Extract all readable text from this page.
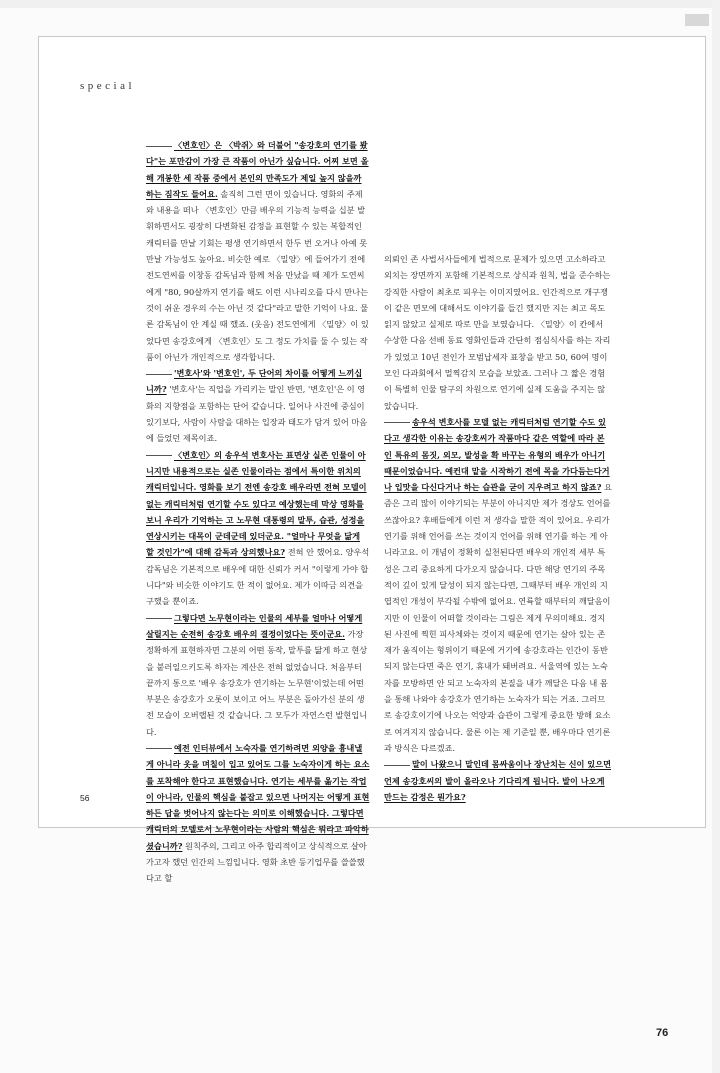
special

〈변호인〉은 〈박쥐〉와 더불어 "송강호의 연기를 봤다"는 포만감이 가장 큰 작품이 아닌가 싶습니다. 어찌 보면 올해 개봉한 세 작품 중에서 본인의 만족도가 제일 높지 않을까 하는 짐작도 들어요. 솔직히 그런 면이 있습니다. 영화의 주제와 내용을 떠나 〈변호인〉만큼 배우의 기능적 능력을 십분 발휘하면서도 굉장히 다변화된 감정을 표현할 수 있는 복합적인 캐릭터를 만날 기회는 평생 연기하면서 한두 번 오거나 아예 못 만날 가능성도 높아요. 비슷한 예로 〈밀양〉에 들어가기 전에 전도연씨를 이창동 감독님과 함께 처음 만났을 때 제가 도연씨에게 "80, 90살까지 연기를 해도 이런 시나리오를 다시 만나는 것이 쉬운 경우의 수는 아닌 것 같다"라고 말한 기억이 나요. 물론 감독님이 안 계실 때 했죠. (웃음) 전도연에게 〈밀양〉이 있었다면 송강호에게 〈변호인〉도 그 정도 가치를 둘 수 있는 작품이 아닌가 개인적으로 생각합니다.

'변호사'와 '변호인', 두 단어의 차이를 어떻게 느끼십니까? '변호사'는 직업을 가리키는 말인 반면, '변호인'은 이 영화의 지향점을 포함하는 단어 같습니다. 일어나 사건에 중심이 있기보다, 사람이 사람을 대하는 입장과 태도가 담겨 있어 마음에 들었던 제목이죠.

〈변호인〉의 송우석 변호사는 표면상 실존 인물이 아니지만 내용적으로는 실존 인물이라는 점에서 특이한 위치의 캐릭터입니다. 영화를 보기 전엔 송강호 배우라면 전혀 모델이 없는 캐릭터처럼 연기할 수도 있다고 예상했는데 막상 영화를 보니 우리가 기억하는 고 노무현 대통령의 말투, 습관, 성정을 연상시키는 대목이 군데군데 있더군요. "얼마나 무엇을 닮게 할 것인가"에 대해 감독과 상의했나요? 전혀 안 했어요. 양우석 감독님은 기본적으로 배우에 대한 신뢰가 커서 "이렇게 가야 합니다"와 비슷한 이야기도 한 적이 없어요. 제가 이따금 의견을 구했을 뿐이죠.

그렇다면 노무현이라는 인물의 세부를 얼마나 어떻게 살릴지는 순전히 송강호 배우의 결정이었다는 뜻이군요. 가장 정확하게 표현하자면 그분의 어떤 동작, 말투를 닮게 하고 현상을 붙러일으키도록 하자는 계산은 전혀 없었습니다. 처음부터 끝까지 통으로 '배우 송강호가 연기하는 노무현'이었는데 어떤 부분은 송강호가 오롯이 보이고 어느 부분은 돌아가신 분의 생전 모습이 오버랩된 것 같습니다. 그 모두가 자연스런 발현입니다.

예전 인터뷰에서 노숙자를 연기하려면 외양을 흉내낼 게 아니라 옷을 며칠이 입고 있어도 그를 노숙자이게 하는 요소를 포착해야 한다고 표현했습니다. 연기는 세부를 옮기는 작업이 아니라, 인물의 핵심을 붙잡고 있으면 나머지는 어떻게 표현하든 답을 벗어나지 않는다는 의미로 이해했습니다. 그렇다면 캐릭터의 모델로서 노무현이라는 사람의 핵심은 뭐라고 파악하셨습니까? 원칙주의, 그리고 아주 합리적이고 상식적으로 살아가고자 했던 인간의 느낌입니다. 영화 초반 등기업무를 쓸쓸했다고 할

의뢰인 존 사법서사들에게 법적으로 문제가 있으면 고소하라고 외치는 장면까지 포함해 기본적으로 상식과 원칙, 법을 준수하는 강직한 사람이 최초로 피우는 이미지였어요. 인간적으로 개구쟁이 같은 면모에 대해서도 이야기를 들긴 했지만 지는 최고 목도 읽지 않았고 실제로 따로 만을 보였습니다. 〈밀양〉이 칸에서 수상한 다음 선배 동료 영화인들과 간단히 점심식사를 하는 자리가 있었고 10년 전인가 모범납세자 표창을 받고 50, 60여 명이 모인 다과회에서 멀찍감치 모습을 보았죠. 그러나 그 짧은 경험이 특별히 인물 탐구의 차원으로 연기에 실제 도움을 주지는 않았습니다.

송우석 변호사를 모델 없는 캐릭터처럼 연기할 수도 있다고 생각한 이유는 송강호씨가 작품마다 같은 역할에 따라 본인 특유의 몸짓, 외모, 발성을 확 바꾸는 유형의 배우가 아니기 때문이었습니다. 예컨대 맡을 시작하기 전에 목을 가다듬는다거나 입맛을 다신다거나 하는 습관을 굳이 지우려고 하지 않죠? 요즘은 그리 많이 이야기되는 부분이 아니지만 제가 경상도 언어를 쓰잖아요? 후배들에게 이런 저 생각을 말한 적이 있어요. 우리가 연기를 위해 언어를 쓰는 것이지 언어를 위해 연기를 하는 게 아니라고요. 이 개념이 정확히 실천된다면 배우의 개인적 세부 특성은 그리 중요하게 다가오지 않습니다. 다만 해당 연기의 주목적이 깊이 있게 달성이 되지 않는다면, 그때부터 배우 개인의 지엽적인 개성이 부각될 수밖에 없어요. 연륙할 때부터의 깨달음이지만 이 인물이 어떠할 것이라는 그림은 제게 무의미해요. 경지된 사진에 찍힌 피사체와는 것이지 때문에 연기는 살아 있는 존재가 움직이는 형위이기 때문에 거기에 송강호라는 인간이 동반되지 않는다면 죽은 연기, 휴내가 돼버려요. 서울역에 있는 노숙자를 모방하면 안 되고 노숙자의 본질을 내가 깨달은 다음 내 몸을 통해 나와야 송강호가 연기하는 노숙자가 되는 거죠. 그러므로 송강호이기에 나오는 억양과 습관이 그렇게 중요한 방해 요소로 여겨지지 않습니다. 물론 이는 제 기준일 뿐, 배우마다 연기론과 방식은 다르겠죠.

말이 나왔으니 말인데 몸싸움이나 장난치는 신이 있으면 언제 송강호씨의 발이 올라오나 기다리게 됩니다. 발이 나오게 만드는 감정은 뭔가요?

56
76
